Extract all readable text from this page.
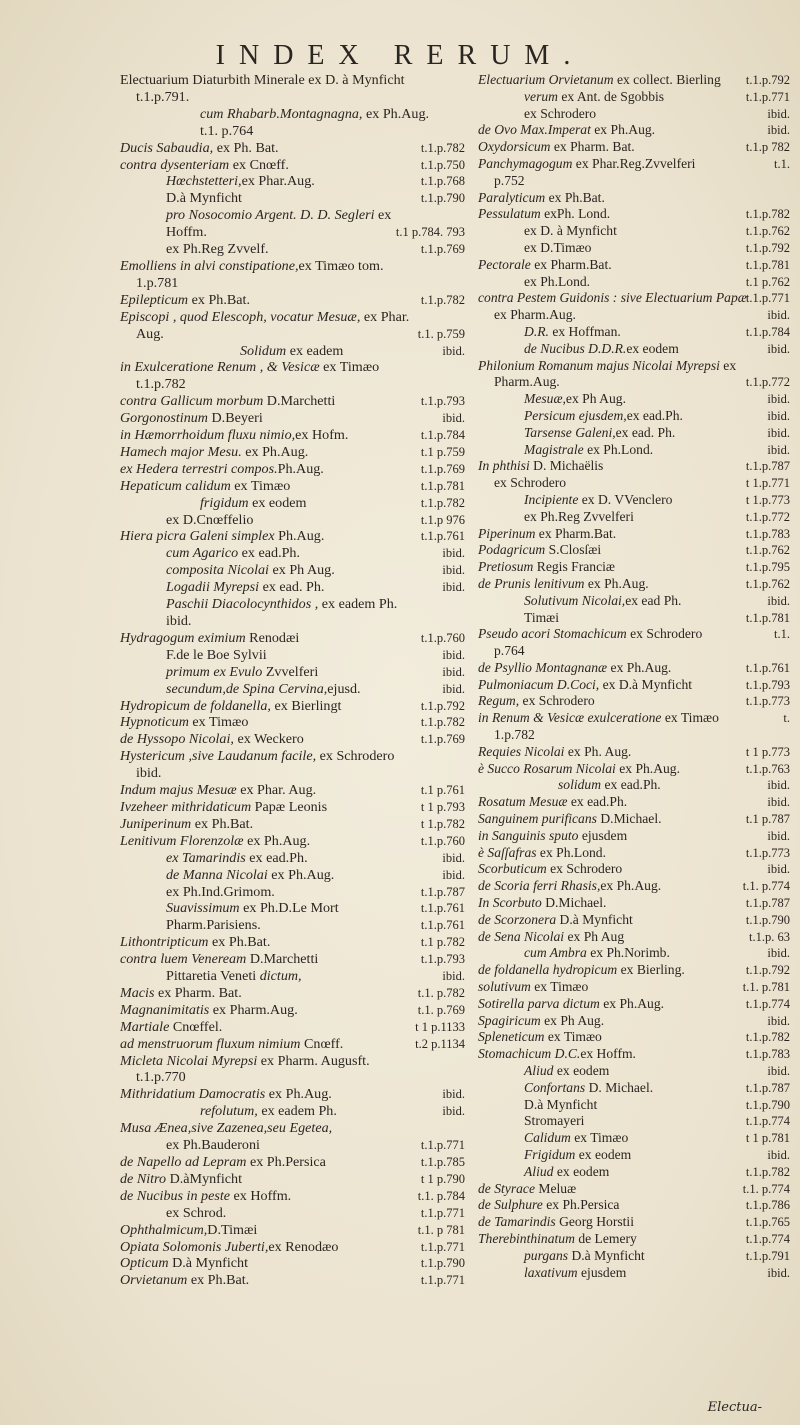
INDEX RERUM.
Electuarium Diaturbith Minerale ex D. à Mynficht
t.1.p.791.
cum Rhabarb.Montagnagna, ex Ph.Aug.
t.1. p.764
Ducis Sabaudia, ex Ph. Bat.	t.1.p.782
contra dysenteriam ex Cnœff.	t.1.p.750
Hœchstetteri,ex Phar.Aug.	t.1.p.768
D.à Mynficht	t.1.p.790
pro Nosocomio Argent. D. D. Segleri ex
Hoffm.	t.1 p.784. 793
ex Ph.Reg Zvvelf.	t.1.p.769
Emolliens in alvi constipatione,ex Timæo tom.
1.p.781
Epilepticum ex Ph.Bat.	t.1.p.782
Episcopi , quod Elescoph, vocatur Mesuæ, ex Phar.
Aug.	t.1. p.759
Solidum ex eadem	ibid.
in Exulceratione Renum , & Vesicæ ex Timæo
t.1.p.782
contra Gallicum morbum D.Marchetti	t.1.p.793
Gorgonostinum D.Beyeri	ibid.
in Hæmorrhoidum fluxu nimio,ex Hofm.	t.1.p.784
Hamech major Mesu. ex Ph.Aug.	t.1 p.759
ex Hedera terrestri compos.Ph.Aug.	t.1.p.769
Hepaticum calidum ex Timæo	t.1.p.781
frigidum ex eodem	t.1.p.782
ex D.Cnœffelio	t.1.p 976
Hiera picra Galeni simplex Ph.Aug.	t.1.p.761
cum Agarico ex ead.Ph.	ibid.
composita Nicolai ex Ph Aug.	ibid.
Logadii Myrepsi ex ead. Ph.	ibid.
Paschii Diacolocynthidos , ex eadem Ph.
ibid.
Hydragogum eximium Renodæi	t.1.p.760
F.de le Boe Sylvii	ibid.
primum ex Evulo Zvvelferi	ibid.
secundum,de Spina Cervina,ejusd.	ibid.
Hydropicum de foldanella, ex Bierlingt	t.1.p.792
Hypnoticum ex Timæo	t.1.p.782
de Hyssopo Nicolai, ex Weckero	t.1.p.769
Hystericum ,sive Laudanum facile, ex Schrodero
ibid.
Indum majus Mesuæ ex Phar. Aug.	t.1 p.761
Ivzeheer mithridaticum Papæ Leonis	t 1 p.793
Juniperinum ex Ph.Bat.	t 1.p.782
Lenitivum Florenzolæ ex Ph.Aug.	t.1.p.760
ex Tamarindis ex ead.Ph.	ibid.
de Manna Nicolai ex Ph.Aug.	ibid.
ex Ph.Ind.Grimom.	t.1.p.787
Suavissimum ex Ph.D.Le Mort	t.1.p.761
Pharm.Parisiens.	t.1.p.761
Lithontripticum ex Ph.Bat.	t.1 p.782
contra luem Veneream D.Marchetti	t.1.p.793
Pittaretia Veneti dictum,	ibid.
Macis ex Pharm. Bat.	t.1. p.782
Magnanimitatis ex Pharm.Aug.	t.1. p.769
Martiale Cnœffel.	t 1 p.1133
ad menstruorum fluxum nimium Cnœff.	t.2 p.1134
Micleta Nicolai Myrepsi ex Pharm. Augusft.
t.1.p.770
Mithridatium Damocratis ex Ph.Aug.	ibid.
refolutum, ex eadem Ph.	ibid.
Musa Ænea,sive Zazenea,seu Egetea,
ex Ph.Bauderoni	t.1.p.771
de Napello ad Lepram ex Ph.Persica	t.1.p.785
de Nitro D.àMynficht	t 1 p.790
de Nucibus in peste ex Hoffm.	t.1. p.784
ex Schrod.	t.1.p.771
Ophthalmicum,D.Timæi	t.1. p 781
Opiata Solomonis Juberti,ex Renodæo	t.1.p.771
Opticum D.à Mynficht	t.1.p.790
Orvietanum ex Ph.Bat.	t.1.p.771
Electuarium Orvietanum ex collect. Bierling t.1.p.792
verum ex Ant. de Sgobbis	t.1.p.771
ex Schrodero	ibid.
de Ovo Max.Imperat ex Ph.Aug.	ibid.
Oxydorsicum ex Pharm. Bat.	t.1.p 782
Panchymagogum ex Phar.Reg.Zvvelferi	t.1.
p.752
Paralyticum ex Ph.Bat.
Pessulatum exPh. Lond.	t.1.p.782
ex D. à Mynficht	t.1.p.762
ex D.Timæo	t.1.p.792
Pectorale ex Pharm.Bat.	t.1.p.781
ex Ph.Lond.	t.1 p.762
contra Pestem Guidonis : sive Electuarium Papæ t.1.p.771
ex Pharm.Aug.	ibid.
D.R. ex Hoffman.	t.1.p.784
de Nucibus D.D.R.ex eodem	ibid.
Philonium Romanum majus Nicolai Myrepsi ex
Pharm.Aug.	t.1.p.772
Mesuæ,ex Ph Aug.	ibid.
Persicum ejusdem,ex ead.Ph.	ibid.
Tarsense Galeni,ex ead. Ph.	ibid.
Magistrale ex Ph.Lond.	ibid.
In phthisi D. Michaëlis	t.1.p.787
ex Schrodero	t 1.p.771
Incipiente ex D. VVenclero	t 1.p.773
ex Ph.Reg Zvvelferi	t.1.p.772
Piperinum ex Pharm.Bat.	t.1.p.783
Podagricum S.Closſæi	t.1.p.762
Pretiosum Regis Franciæ	t.1.p.795
de Prunis lenitivum ex Ph.Aug.	t.1.p.762
Solutivum Nicolai,ex ead Ph.	ibid.
Timæi	t.1.p.781
Pseudo acori Stomachicum ex Schrodero	t.1.
p.764
de Psyllio Montagnanæ ex Ph.Aug.	t.1.p.761
Pulmoniacum D.Coci, ex D.à Mynficht	t.1.p.793
Regum, ex Schrodero	t.1.p.773
in Renum & Vesicæ exulceratione ex Timæo	t.
1.p.782
Requies Nicolai ex Ph. Aug.	t 1 p.773
è Succo Rosarum Nicolai ex Ph.Aug.	t.1.p.763
solidum ex ead.Ph.	ibid.
Rosatum Mesuæ ex ead.Ph.	ibid.
Sanguinem purificans D.Michael.	t.1 p.787
in Sanguinis sputo ejusdem	ibid.
è Saſſafras ex Ph.Lond.	t.1.p.773
Scorbuticum ex Schrodero	ibid.
de Scoria ferri Rhasis,ex Ph.Aug.	t.1. p.774
In Scorbuto D.Michael.	t.1.p.787
de Scorzonera D.à Mynficht	t.1.p.790
de Sena Nicolai ex Ph Aug	t.1.p. 63
cum Ambra ex Ph.Norimb.	ibid.
de foldanella hydropicum ex Bierling.	t.1.p.792
solutivum ex Timæo	t.1. p.781
Sotirella parva dictum ex Ph.Aug.	t.1.p.774
Spagiricum ex Ph Aug.	ibid.
Spleneticum ex Timæo	t.1.p.782
Stomachicum D.C.ex Hoffm.	t.1.p.783
Aliud ex eodem	ibid.
Confortans D. Michael.	t.1.p.787
D.à Mynficht	t.1.p.790
Stromayeri	t.1.p.774
Calidum ex Timæo	t 1 p.781
Frigidum ex eodem	ibid.
Aliud ex eodem	t.1.p.782
de Styrace Meluæ	t.1. p.774
de Sulphure ex Ph.Persica	t.1.p.786
de Tamarindis Georg Horstii	t.1.p.765
Therebinthinatum de Lemery	t.1.p.774
purgans D.à Mynficht	t.1.p.791
laxativum ejusdem	ibid.
Electua-
